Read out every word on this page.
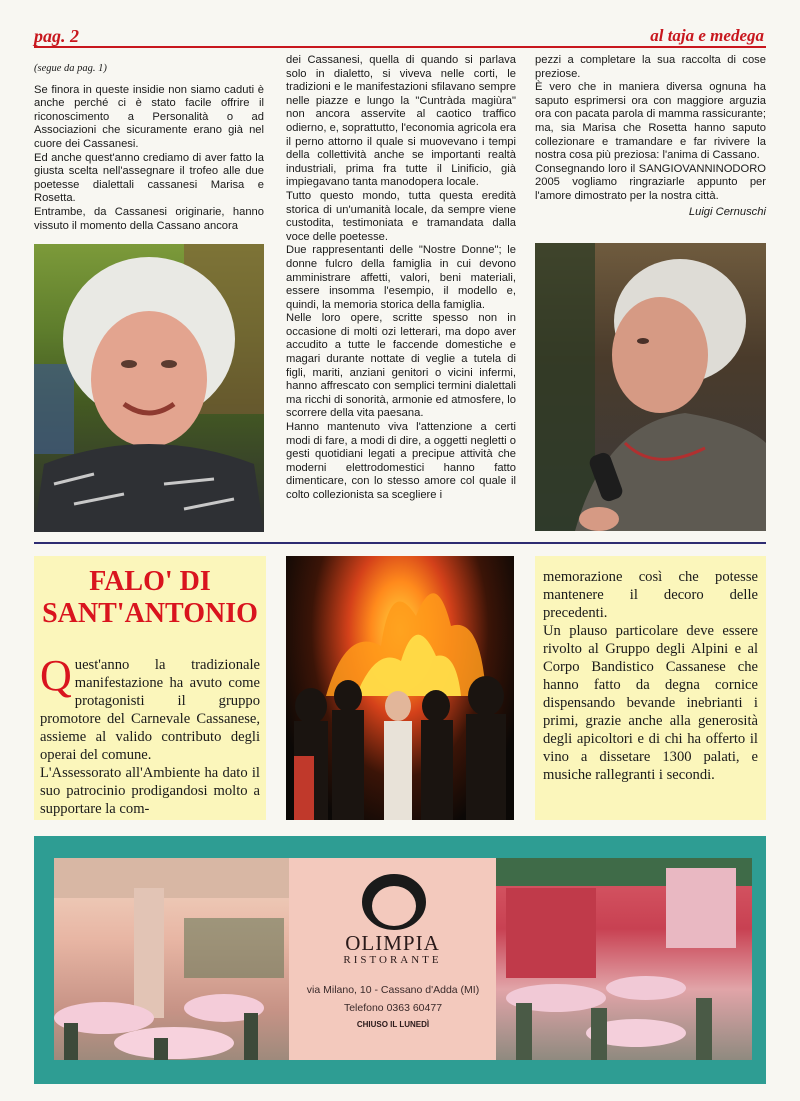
pag. 2	al taja e medega

(segue da pag. 1)

Se finora in queste insidie non siamo caduti è anche perché ci è stato facile offrire il riconoscimento a Personalità o ad Associazioni che sicuramente erano già nel cuore dei Cassanesi.

Ed anche quest'anno crediamo di aver fatto la giusta scelta nell'assegnare il trofeo alle due poetesse dialettali cassanesi Marisa e Rosetta.

Entrambe, da Cassanesi originarie, hanno vissuto il momento della Cassano ancora

dei Cassanesi, quella di quando si parlava solo in dialetto, si viveva nelle corti, le tradizioni e le manifestazioni sfilavano sempre nelle piazze e lungo la "Cuntràda magiùra" non ancora asservite al caotico traffico odierno, e, soprattutto, l'economia agricola era il perno attorno il quale si muovevano i tempi della collettività anche se importanti realtà industriali, prima fra tutte il Linificio, già impiegavano tanta manodopera locale.

Tutto questo mondo, tutta questa eredità storica di un'umanità locale, da sempre viene custodita, testimoniata e tramandata dalla voce delle poetesse.

Due rappresentanti delle "Nostre Donne"; le donne fulcro della famiglia in cui devono amministrare affetti, valori, beni materiali, essere insomma l'esempio, il modello e, quindi, la memoria storica della famiglia.

Nelle loro opere, scritte spesso non in occasione di molti ozi letterari, ma dopo aver accudito a tutte le faccende domestiche e magari durante nottate di veglie a tutela di figli, mariti, anziani genitori o vicini infermi, hanno affrescato con semplici termini dialettali ma ricchi di sonorità, armonie ed atmosfere, lo scorrere della vita paesana.

Hanno mantenuto viva l'attenzione a certi modi di fare, a modi di dire, a oggetti negletti o gesti quotidiani legati a precipue attività che moderni elettrodomestici hanno fatto dimenticare, con lo stesso amore col quale il colto collezionista sa scegliere i

pezzi a completare la sua raccolta di cose preziose.

È vero che in maniera diversa ognuna ha saputo esprimersi ora con maggiore arguzia ora con pacata parola di mamma rassicurante; ma, sia Marisa che Rosetta hanno saputo collezionare e tramandare e far rivivere la nostra cosa più preziosa: l'anima di Cassano.

Consegnando loro il SANGIOVANNINODORO 2005 vogliamo ringraziarle appunto per l'amore dimostrato per la nostra città.

Luigi Cernuschi

FALO' DI SANT'ANTONIO

Quest'anno la tradizionale manifestazione ha avuto come protagonisti il gruppo promotore del Carnevale Cassanese, assieme al valido contributo degli operai del comune.

L'Assessorato all'Ambiente ha dato il suo patrocinio prodigandosi molto a supportare la com-

memorazione così che potesse mantenere il decoro delle precedenti.

Un plauso particolare deve essere rivolto al Gruppo degli Alpini e al Corpo Bandistico Cassanese che hanno fatto da degna cornice dispensando bevande inebrianti i primi, grazie anche alla generosità degli apicoltori e di chi ha offerto il vino a dissetare 1300 palati, e musiche rallegranti i secondi.

OLIMPIA
RISTORANTE
via Milano, 10 - Cassano d'Adda (MI)
Telefono 0363 60477
CHIUSO IL LUNEDÌ
